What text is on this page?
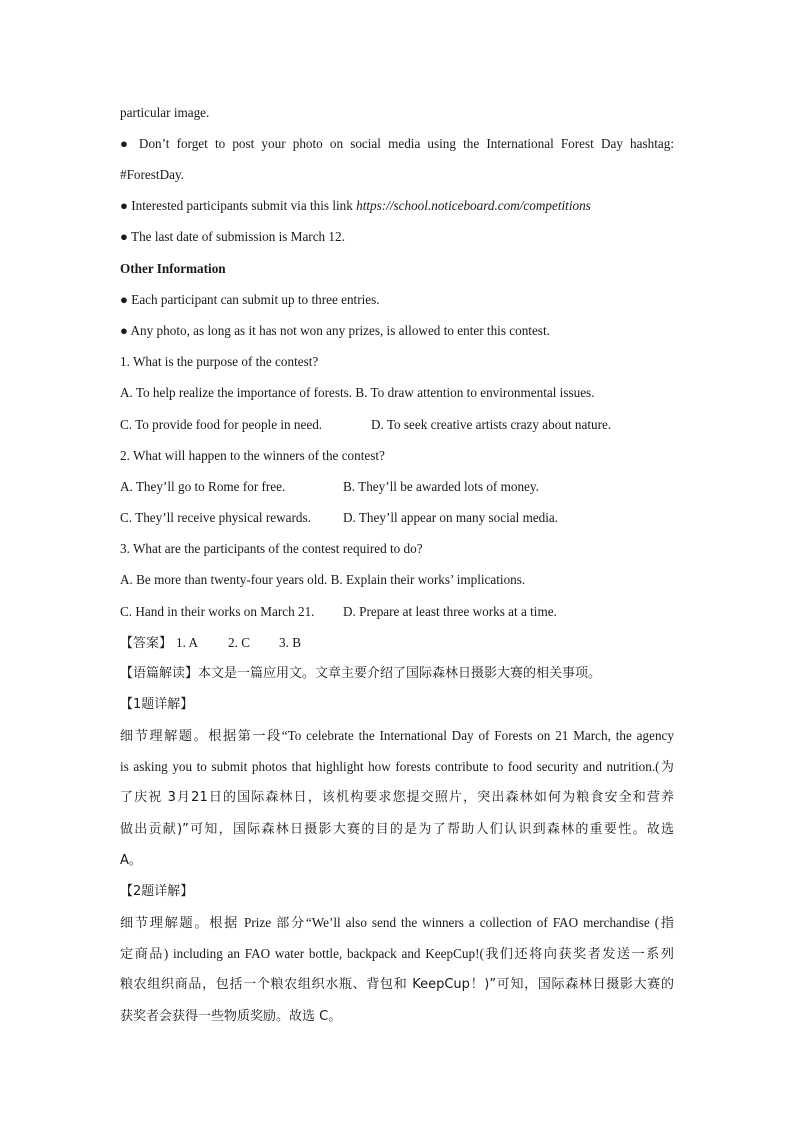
particular image.
● Don’t forget to post your photo on social media using the International Forest Day hashtag:
#ForestDay.
● Interested participants submit via this link https://school.noticeboard.com/competitions
● The last date of submission is March 12.
Other Information
● Each participant can submit up to three entries.
● Any photo, as long as it has not won any prizes, is allowed to enter this contest.
1. What is the purpose of the contest?
A. To help realize the importance of forests. B. To draw attention to environmental issues.
C. To provide food for people in need.	D. To seek creative artists crazy about nature.
2. What will happen to the winners of the contest?
A. They’ll go to Rome for free.	B. They’ll be awarded lots of money.
C. They’ll receive physical rewards. D. They’ll appear on many social media.
3. What are the participants of the contest required to do?
A. Be more than twenty-four years old. B. Explain their works’ implications.
C. Hand in their works on March 21. D. Prepare at least three works at a time.
【答案】 1. A 2. C 3. B
【语篇解读】本文是一篇应用文。文章主要介绍了国际森林日摄影大赛的相关事项。
【1题详解】
细节理解题。根据第一段“To celebrate the International Day of Forests on 21 March, the agency
is asking you to submit photos that highlight how forests contribute to food security and nutrition.(为
了庆祝 3月21日的国际森林日，该机构要求您提交照片，突出森林如何为粮食安全和营养
做出贡献)”可知，国际森林日摄影大赛的目的是为了帮助人们认识到森林的重要性。故选
A。
【2题详解】
细节理解题。根据 Prize 部分“We’ll also send the winners a collection of FAO merchandise (指
定商品) including an FAO water bottle, backpack and KeepCup!(我们还将向获奖者发送一系列
粮农组织商品，包括一个粮农组织水瓶、背包和 KeepCup！)”可知，国际森林日摄影大赛的
获奖者会获得一些物质奖励。故选 C。
